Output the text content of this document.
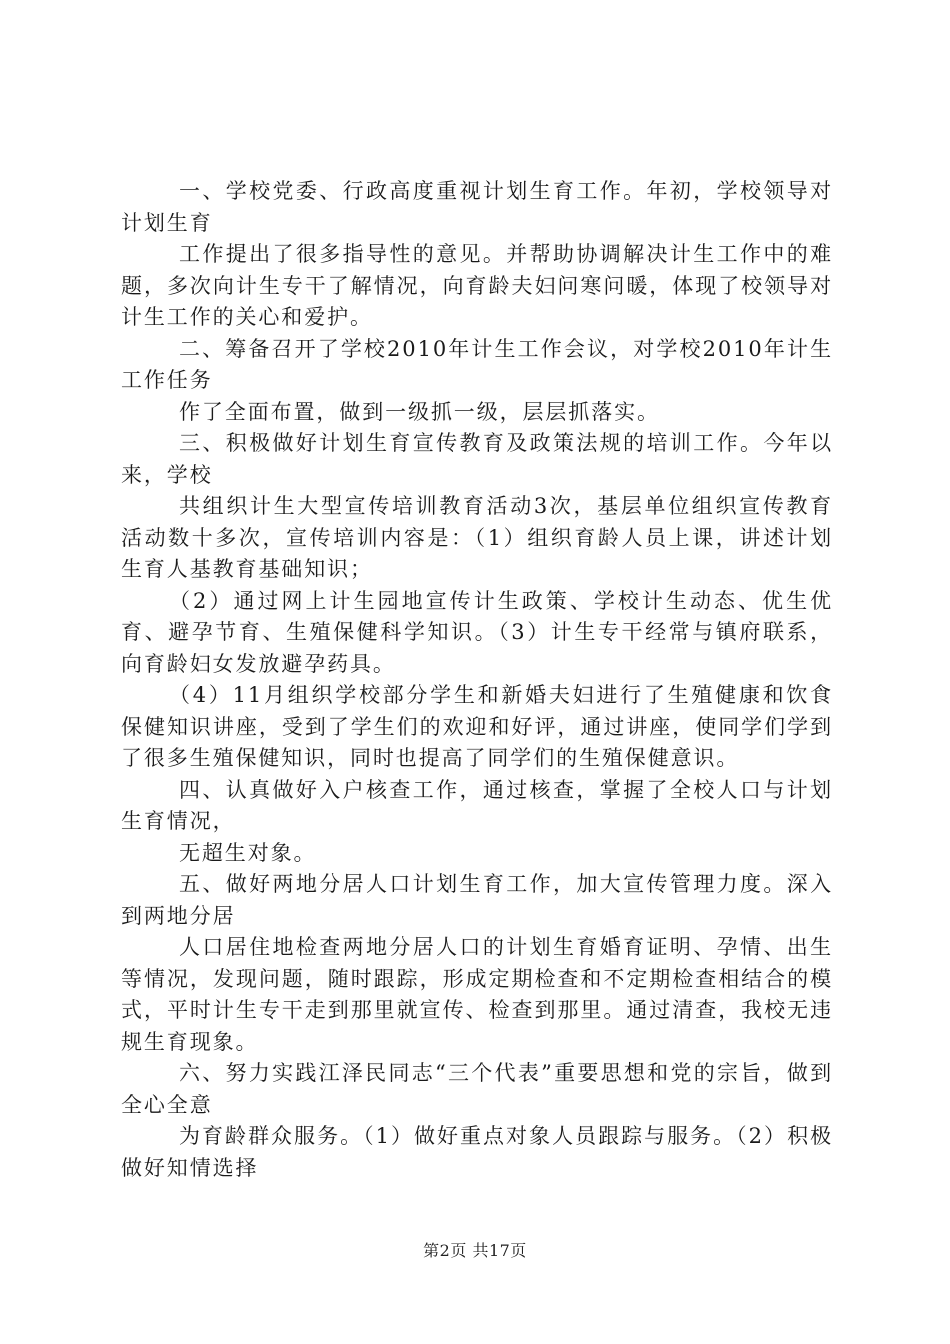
一、学校党委、行政高度重视计划生育工作。年初，学校领导对计划生育

工作提出了很多指导性的意见。并帮助协调解决计生工作中的难题，多次向计生专干了解情况，向育龄夫妇问寒问暖，体现了校领导对计生工作的关心和爱护。

二、筹备召开了学校2010年计生工作会议，对学校2010年计生工作任务

作了全面布置，做到一级抓一级，层层抓落实。

三、积极做好计划生育宣传教育及政策法规的培训工作。今年以来，学校

共组织计生大型宣传培训教育活动3次，基层单位组织宣传教育活动数十多次，宣传培训内容是：（1）组织育龄人员上课，讲述计划生育人基教育基础知识；

（2）通过网上计生园地宣传计生政策、学校计生动态、优生优育、避孕节育、生殖保健科学知识。（3）计生专干经常与镇府联系，向育龄妇女发放避孕药具。

（4）11月组织学校部分学生和新婚夫妇进行了生殖健康和饮食保健知识讲座，受到了学生们的欢迎和好评，通过讲座，使同学们学到了很多生殖保健知识，同时也提高了同学们的生殖保健意识。

四、认真做好入户核查工作，通过核查，掌握了全校人口与计划生育情况，

无超生对象。

五、做好两地分居人口计划生育工作，加大宣传管理力度。深入到两地分居

人口居住地检查两地分居人口的计划生育婚育证明、孕情、出生等情况，发现问题，随时跟踪，形成定期检查和不定期检查相结合的模式，平时计生专干走到那里就宣传、检查到那里。通过清查，我校无违规生育现象。

六、努力实践江泽民同志“三个代表”重要思想和党的宗旨，做到全心全意

为育龄群众服务。（1）做好重点对象人员跟踪与服务。（2）积极做好知情选择

第2页 共17页
